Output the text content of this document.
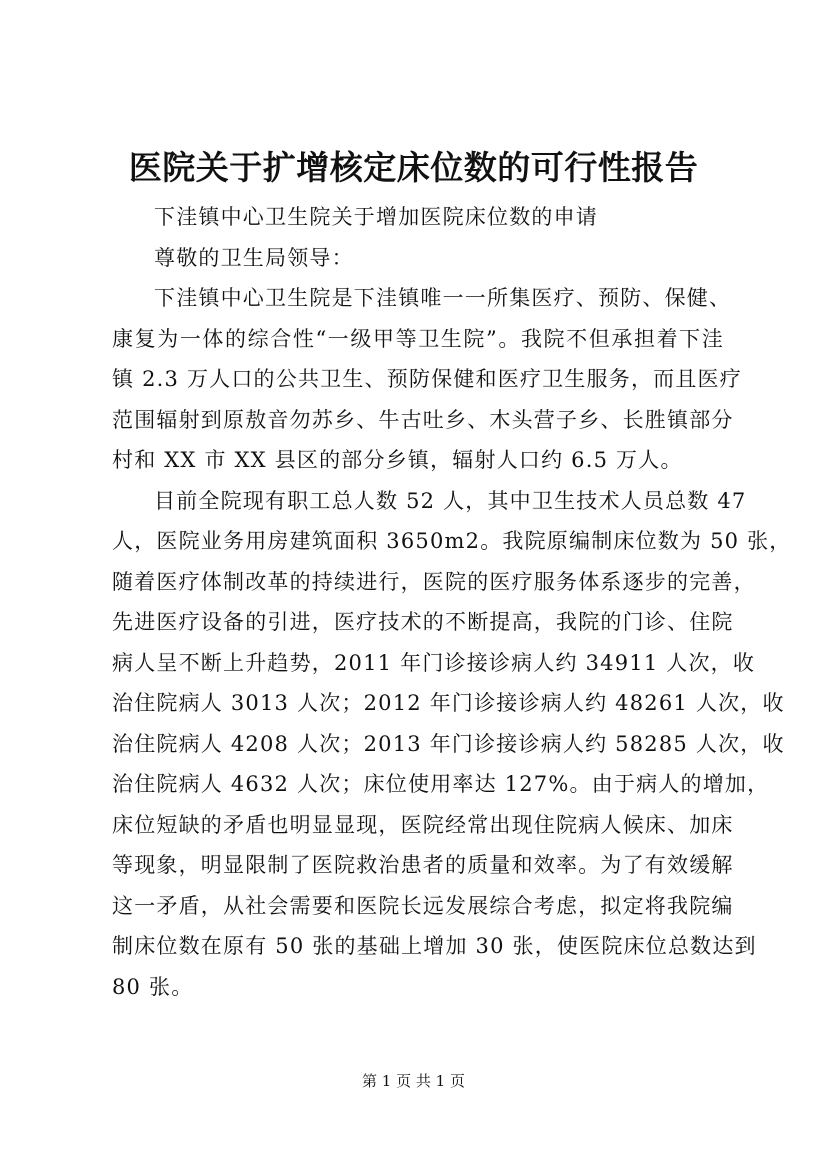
医院关于扩增核定床位数的可行性报告
下洼镇中心卫生院关于增加医院床位数的申请
尊敬的卫生局领导：
下洼镇中心卫生院是下洼镇唯一一所集医疗、预防、保健、
康复为一体的综合性“一级甲等卫生院”。我院不但承担着下洼
镇 2.3 万人口的公共卫生、预防保健和医疗卫生服务，而且医疗
范围辐射到原敖音勿苏乡、牛古吐乡、木头营子乡、长胜镇部分
村和 XX 市 XX 县区的部分乡镇，辐射人口约 6.5 万人。
目前全院现有职工总人数 52 人，其中卫生技术人员总数 47
人，医院业务用房建筑面积 3650m2。我院原编制床位数为 50 张，
随着医疗体制改革的持续进行，医院的医疗服务体系逐步的完善，
先进医疗设备的引进，医疗技术的不断提高，我院的门诊、住院
病人呈不断上升趋势，2011 年门诊接诊病人约 34911 人次，收
治住院病人 3013 人次；2012 年门诊接诊病人约 48261 人次，收
治住院病人 4208 人次；2013 年门诊接诊病人约 58285 人次，收
治住院病人 4632 人次；床位使用率达 127%。由于病人的增加，
床位短缺的矛盾也明显显现，医院经常出现住院病人候床、加床
等现象，明显限制了医院救治患者的质量和效率。为了有效缓解
这一矛盾，从社会需要和医院长远发展综合考虑，拟定将我院编
制床位数在原有 50 张的基础上增加 30 张，使医院床位总数达到
80 张。
第 1 页 共 1 页
